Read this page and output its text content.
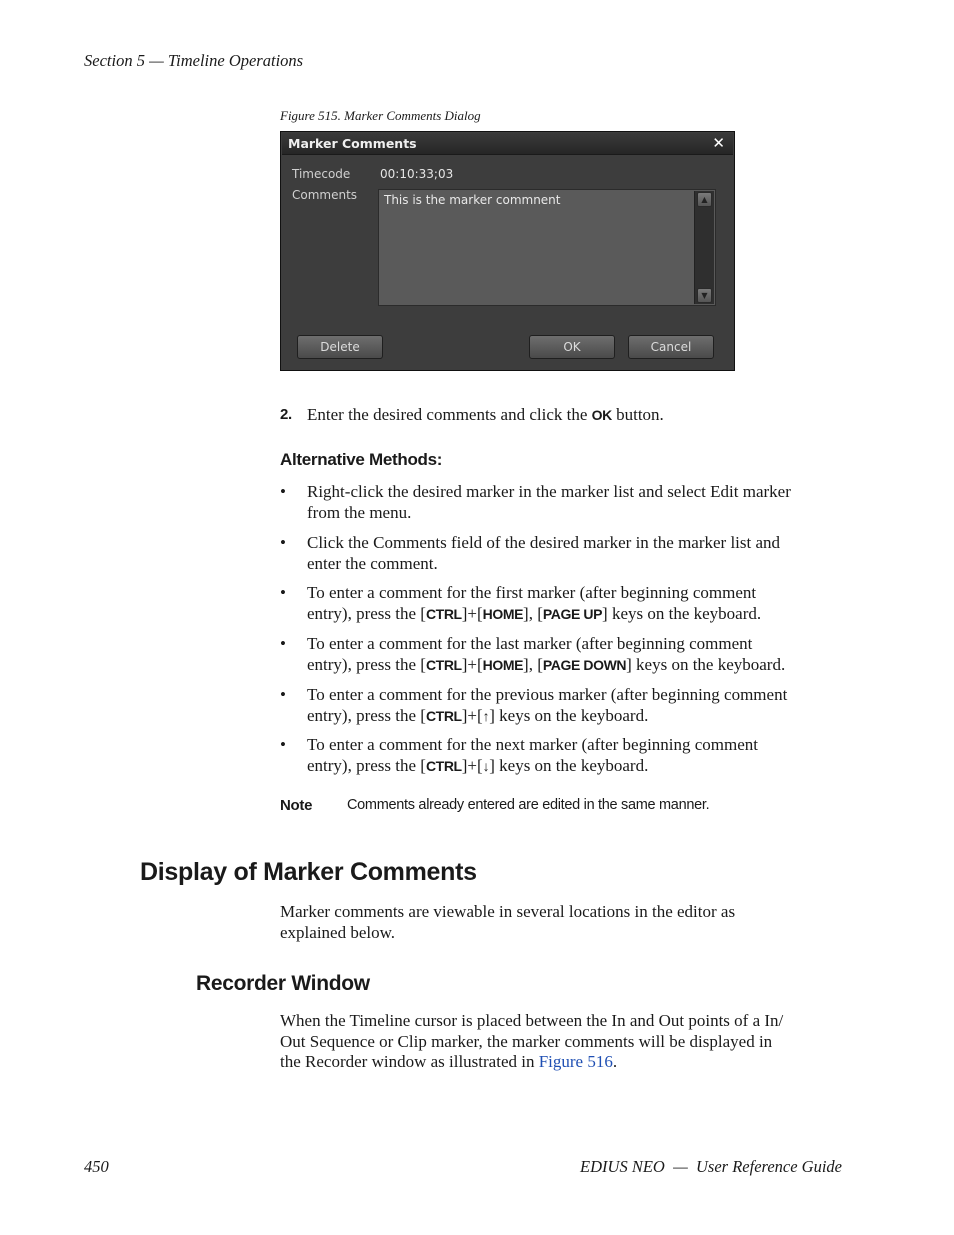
Section 5 — Timeline Operations
Figure 515. Marker Comments Dialog
Marker Comments	✕
Timecode 00:10:33;03
Comments This is the marker commnent	▲
▼
Delete	OK	Cancel
2. Enter the desired comments and click the OK button.
Alternative Methods:
• Right-click the desired marker in the marker list and select Edit marker
from the menu.
• Click the Comments field of the desired marker in the marker list and
enter the comment.
• To enter a comment for the first marker (after beginning comment
entry), press the [CTRL]+[HOME], [PAGE UP] keys on the keyboard.
• To enter a comment for the last marker (after beginning comment
entry), press the [CTRL]+[HOME], [PAGE DOWN] keys on the keyboard.
• To enter a comment for the previous marker (after beginning comment
entry), press the [CTRL]+[↑] keys on the keyboard.
• To enter a comment for the next marker (after beginning comment
entry), press the [CTRL]+[↓] keys on the keyboard.
Note Comments already entered are edited in the same manner.
Display of Marker Comments
Marker comments are viewable in several locations in the editor as
explained below.
Recorder Window
When the Timeline cursor is placed between the In and Out points of a In/
Out Sequence or Clip marker, the marker comments will be displayed in
the Recorder window as illustrated in Figure 516.
450	EDIUS NEO  —  User Reference Guide
